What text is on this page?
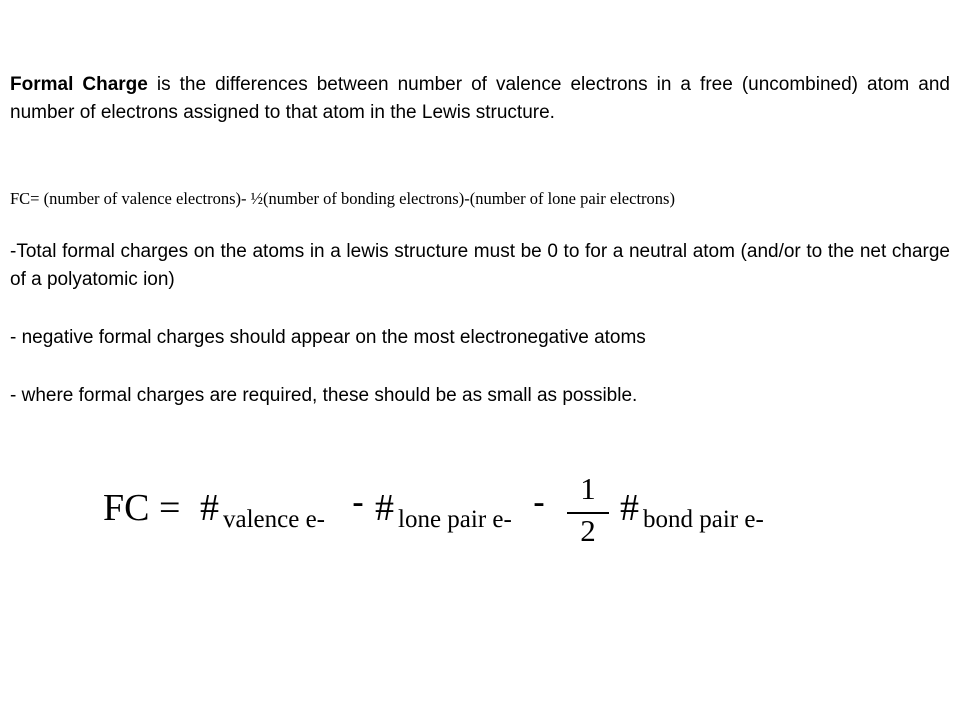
Formal Charge is the differences between number of valence electrons in a free (uncombined) atom and number of electrons assigned to that atom in the Lewis structure.

FC= (number of valence electrons)- ½(number of bonding electrons)-(number of lone pair electrons)

-Total formal charges on the atoms in a lewis structure must be 0 to for a neutral atom (and/or to the net charge of a polyatomic ion)

- negative formal charges should appear on the most electronegative atoms

- where formal charges are required, these should be as small as possible.

FC = # valence e- - # lone pair e- -	1
2
# bond pair e-
